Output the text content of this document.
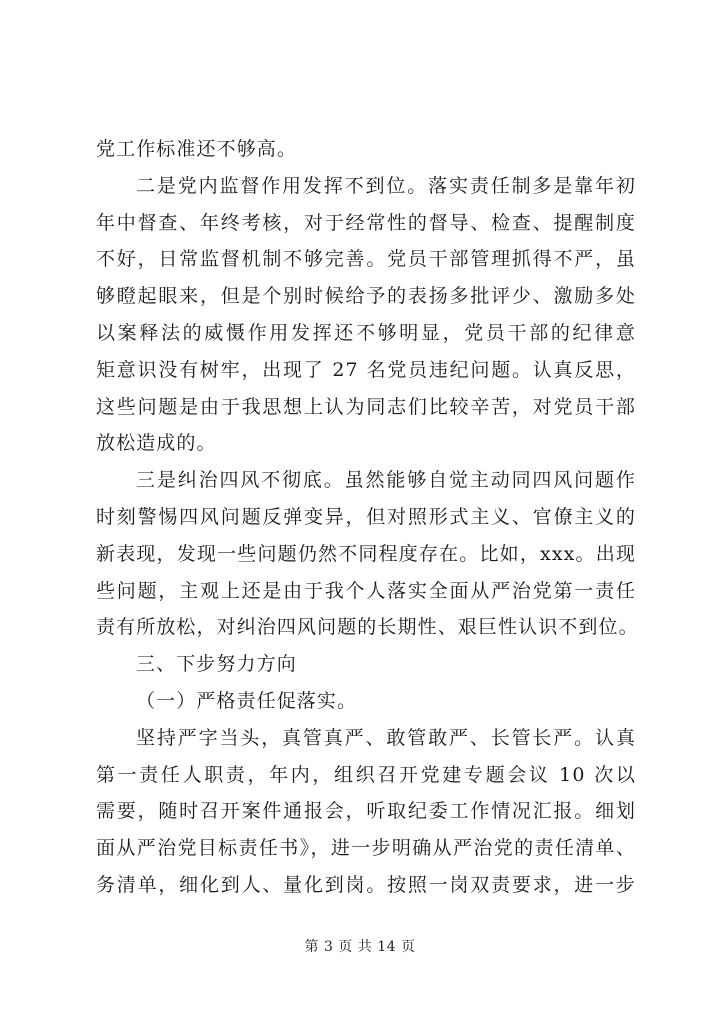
党工作标准还不够高。
二是党内监督作用发挥不到位。落实责任制多是靠年初
年中督查、年终考核，对于经常性的督导、检查、提醒制度
不好，日常监督机制不够完善。党员干部管理抓得不严，虽
够瞪起眼来，但是个别时候给予的表扬多批评少、激励多处
以案释法的威慑作用发挥还不够明显，党员干部的纪律意
矩意识没有树牢，出现了 27 名党员违纪问题。认真反思，
这些问题是由于我思想上认为同志们比较辛苦，对党员干部
放松造成的。
三是纠治四风不彻底。虽然能够自觉主动同四风问题作
时刻警惕四风问题反弹变异，但对照形式主义、官僚主义的
新表现，发现一些问题仍然不同程度存在。比如，xxx。出现
些问题，主观上还是由于我个人落实全面从严治党第一责任
责有所放松，对纠治四风问题的长期性、艰巨性认识不到位。
三、下步努力方向
（一）严格责任促落实。
坚持严字当头，真管真严、敢管敢严、长管长严。认真
第一责任人职责，年内，组织召开党建专题会议 10 次以
需要，随时召开案件通报会，听取纪委工作情况汇报。细划
面从严治党目标责任书》，进一步明确从严治党的责任清单、
务清单，细化到人、量化到岗。按照一岗双责要求，进一步
第 3 页 共 14 页
